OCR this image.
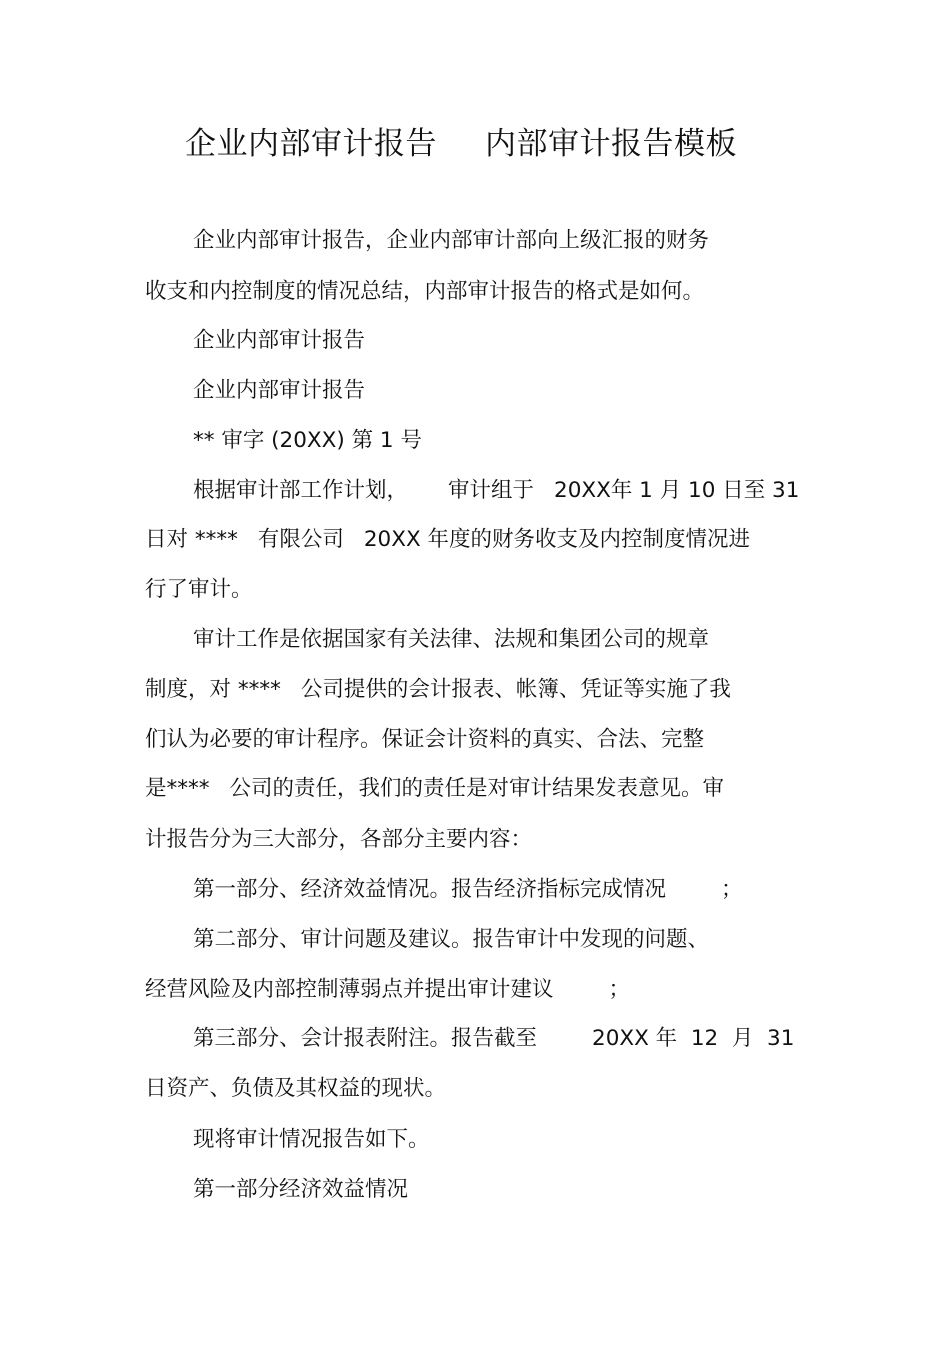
企业内部审计报告 内部审计报告模板
企业内部审计报告，企业内部审计部向上级汇报的财务
收支和内控制度的情况总结，内部审计报告的格式是如何。
企业内部审计报告
企业内部审计报告
** 审字 (20XX) 第 1 号
根据审计部工作计划， 审计组于 20XX年 1 月 10 日至 31
日对 **** 有限公司 20XX 年度的财务收支及内控制度情况进
行了审计。
审计工作是依据国家有关法律、法规和集团公司的规章
制度，对 **** 公司提供的会计报表、帐簿、凭证等实施了我
们认为必要的审计程序。保证会计资料的真实、合法、完整
是**** 公司的责任，我们的责任是对审计结果发表意见。审
计报告分为三大部分，各部分主要内容：
第一部分、经济效益情况。报告经济指标完成情况	；
第二部分、审计问题及建议。报告审计中发现的问题、
经营风险及内部控制薄弱点并提出审计建议	；
第三部分、会计报表附注。报告截至	20XX 年  12  月  31
日资产、负债及其权益的现状。
现将审计情况报告如下。
第一部分经济效益情况
